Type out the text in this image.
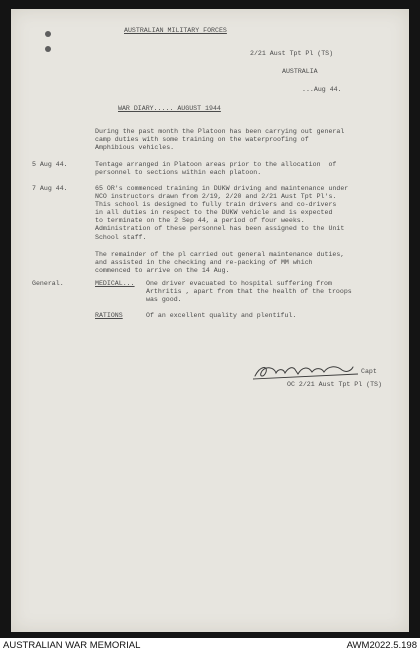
AUSTRALIAN MILITARY FORCES
2/21 Aust Tpt Pl (TS)
AUSTRALIA
...Aug 44.
WAR DIARY..... AUGUST 1944
During the past month the Platoon has been carrying out general
camp duties with some training on the waterproofing of
Amphibious vehicles.
5 Aug 44.	Tentage arranged in Platoon areas prior to the allocation  of
personnel to sections within each platoon.
7 Aug 44.	65 OR's commenced training in DUKW driving and maintenance under
NCO instructors drawn from 2/19, 2/20 and 2/21 Aust Tpt Pl's.
This school is designed to fully train drivers and co-drivers
in all duties in respect to the DUKW vehicle and is expected
to terminate on the 2 Sep 44, a period of four weeks.
Administration of these personnel has been assigned to the Unit
School staff.
The remainder of the pl carried out general maintenance duties,
and assisted in the checking and re-packing of MM which
commenced to arrive on the 14 Aug.
General.	MEDICAL... One driver evacuated to hospital suffering from
Arthritis , apart from that the health of the troops
was good.
RATIONS	Of an excellent quality and plentiful.
Capt
OC 2/21 Aust Tpt Pl (TS)
AUSTRALIAN WAR MEMORIAL	AWM2022.5.198
